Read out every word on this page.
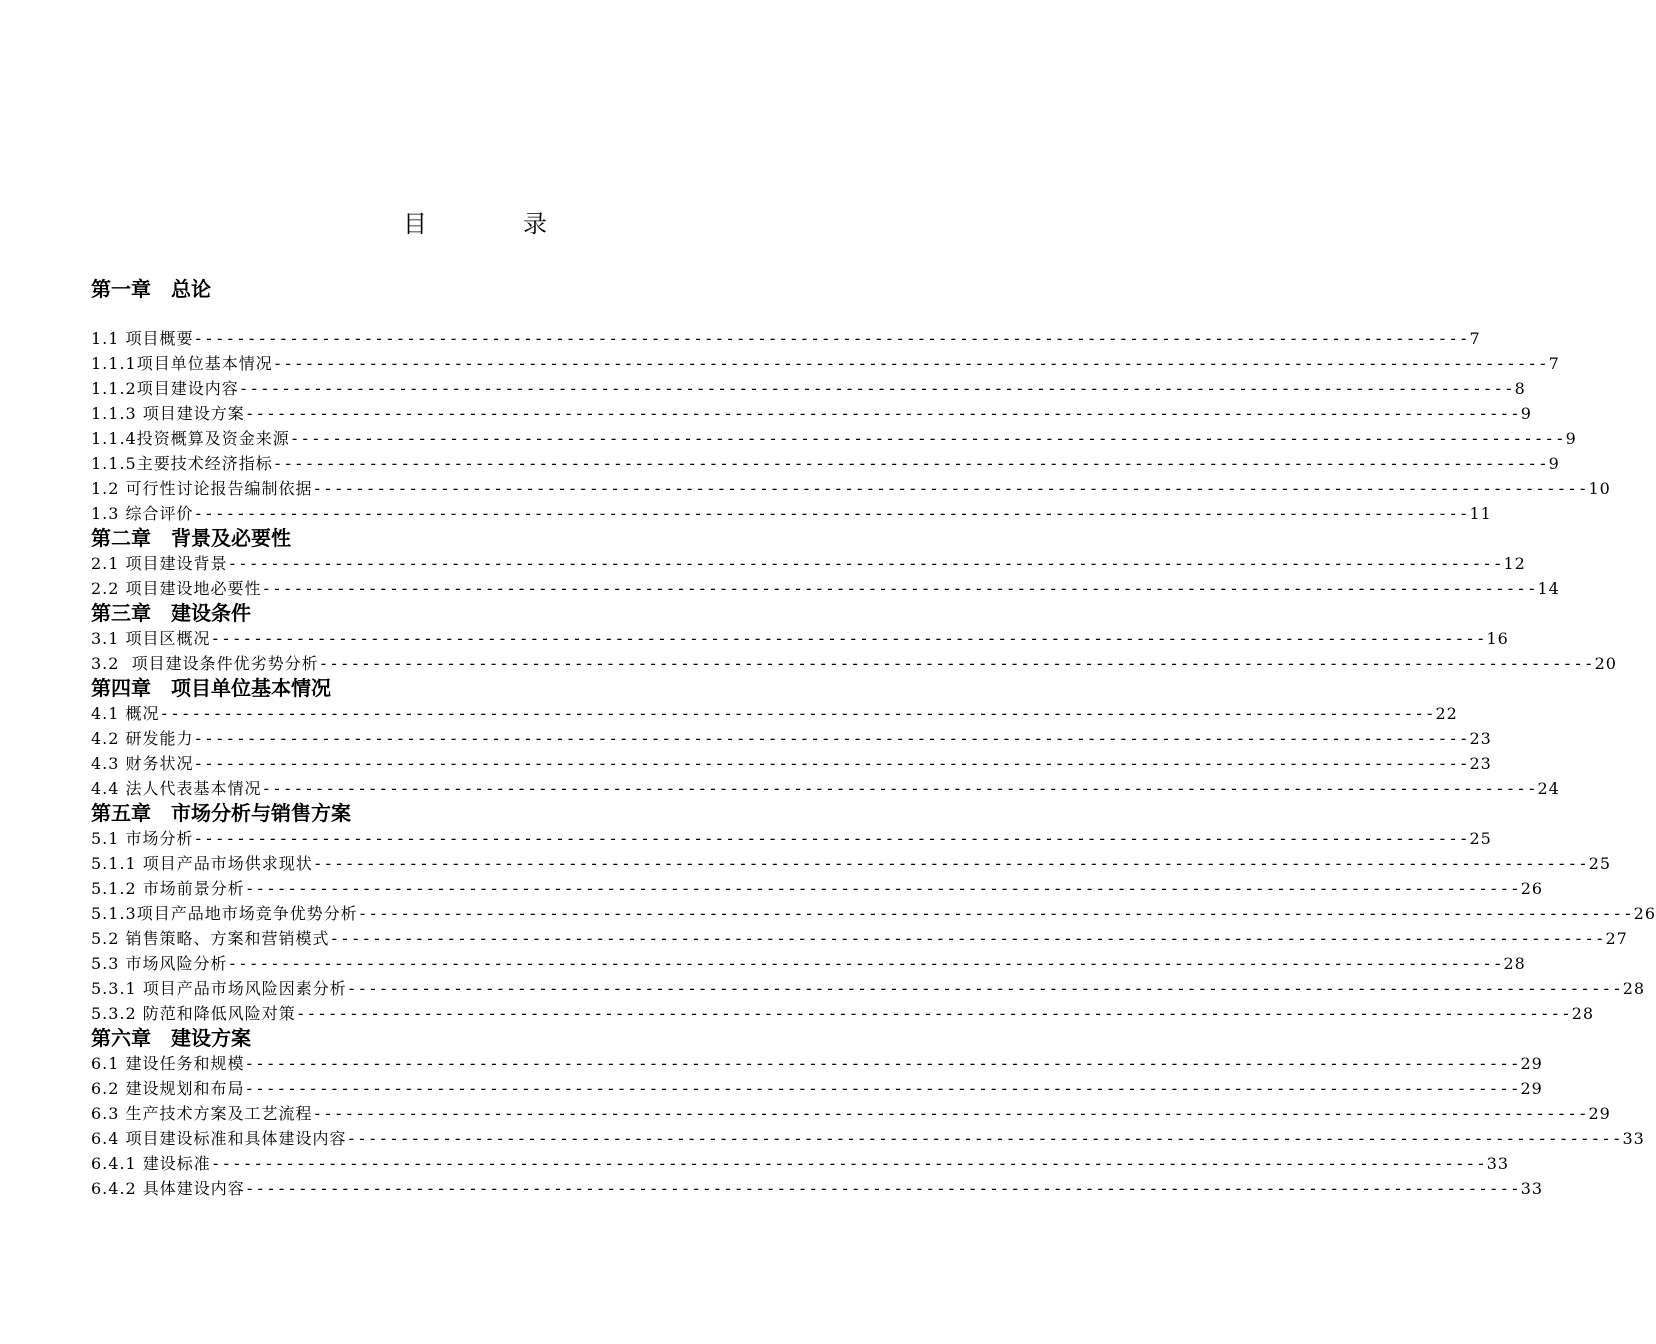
目　录
第一章　总论
1.1 项目概要 ------------------------------------------------------------------------------------------------------------------------ 7
1.1.1项目单位基本情况 ------------------------------------------------------------------------------------------------------------------------ 7
1.1.2项目建设内容 ------------------------------------------------------------------------------------------------------------------------ 8
1.1.3 项目建设方案 ------------------------------------------------------------------------------------------------------------------------ 9
1.1.4投资概算及资金来源 ------------------------------------------------------------------------------------------------------------------------ 9
1.1.5主要技术经济指标 ------------------------------------------------------------------------------------------------------------------------ 9
1.2 可行性讨论报告编制依据 ------------------------------------------------------------------------------------------------------------------------ 10
1.3 综合评价 ------------------------------------------------------------------------------------------------------------------------ 11
第二章　背景及必要性
2.1 项目建设背景 ------------------------------------------------------------------------------------------------------------------------ 12
2.2 项目建设地必要性 ------------------------------------------------------------------------------------------------------------------------ 14
第三章　建设条件
3.1 项目区概况 ------------------------------------------------------------------------------------------------------------------------ 16
3.2  项目建设条件优劣势分析 ------------------------------------------------------------------------------------------------------------------------ 20
第四章　项目单位基本情况
4.1 概况 ------------------------------------------------------------------------------------------------------------------------ 22
4.2 研发能力 ------------------------------------------------------------------------------------------------------------------------ 23
4.3 财务状况 ------------------------------------------------------------------------------------------------------------------------ 23
4.4 法人代表基本情况 ------------------------------------------------------------------------------------------------------------------------ 24
第五章　市场分析与销售方案
5.1 市场分析 ------------------------------------------------------------------------------------------------------------------------ 25
5.1.1 项目产品市场供求现状 ------------------------------------------------------------------------------------------------------------------------ 25
5.1.2 市场前景分析 ------------------------------------------------------------------------------------------------------------------------ 26
5.1.3项目产品地市场竞争优势分析 ------------------------------------------------------------------------------------------------------------------------ 26
5.2 销售策略、方案和营销模式 ------------------------------------------------------------------------------------------------------------------------ 27
5.3 市场风险分析 ------------------------------------------------------------------------------------------------------------------------ 28
5.3.1 项目产品市场风险因素分析 ------------------------------------------------------------------------------------------------------------------------ 28
5.3.2 防范和降低风险对策 ------------------------------------------------------------------------------------------------------------------------ 28
第六章　建设方案
6.1 建设任务和规模 ------------------------------------------------------------------------------------------------------------------------ 29
6.2 建设规划和布局 ------------------------------------------------------------------------------------------------------------------------ 29
6.3 生产技术方案及工艺流程 ------------------------------------------------------------------------------------------------------------------------ 29
6.4 项目建设标准和具体建设内容 ------------------------------------------------------------------------------------------------------------------------ 33
6.4.1 建设标准 ------------------------------------------------------------------------------------------------------------------------ 33
6.4.2 具体建设内容 ------------------------------------------------------------------------------------------------------------------------ 33
